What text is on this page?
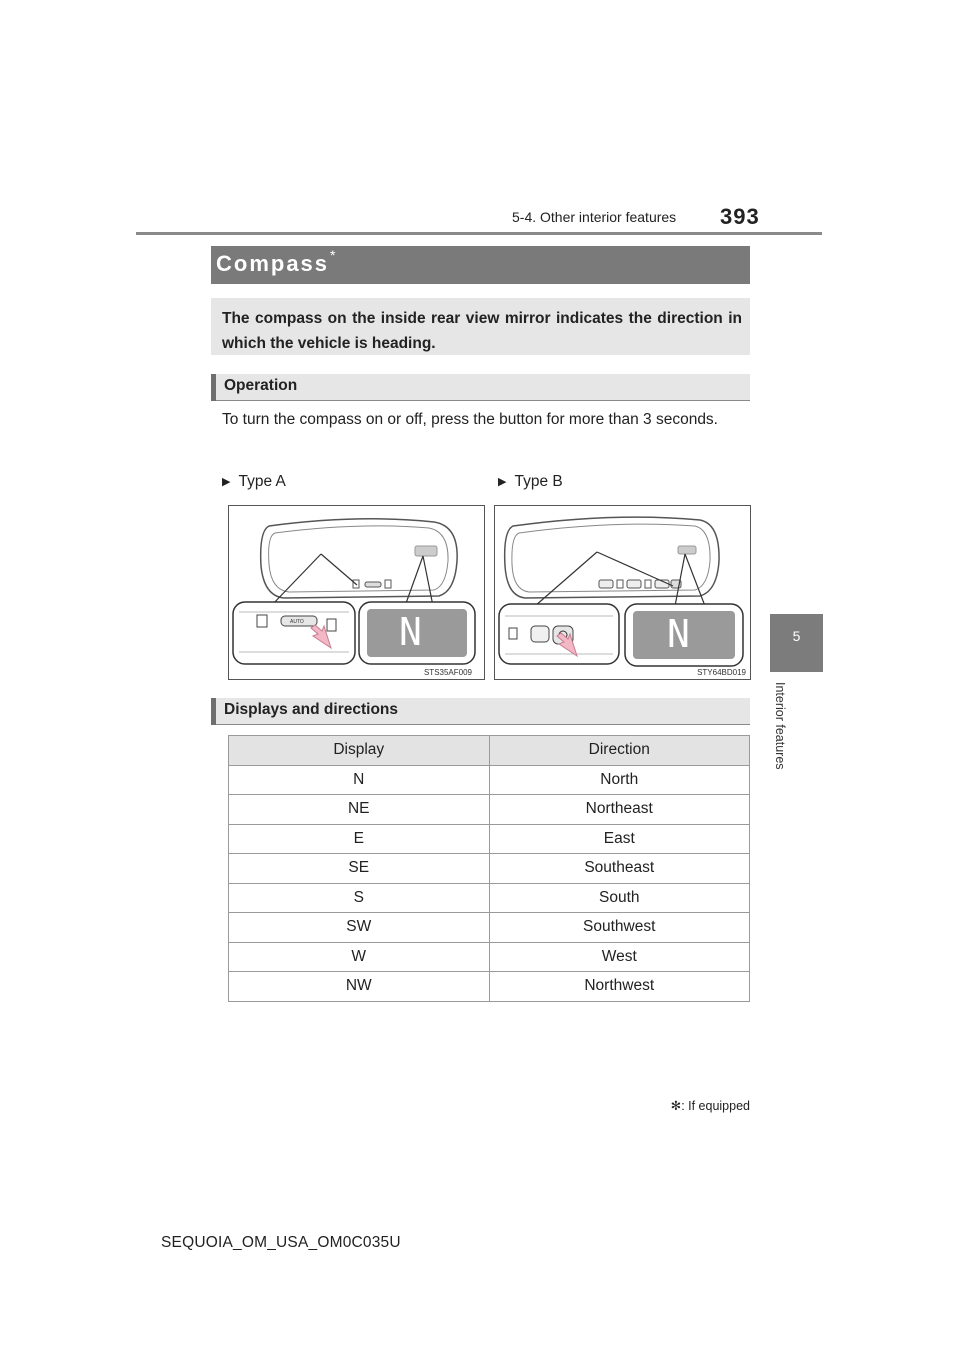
393
5-4. Other interior features
5
Interior features
Compass*
The compass on the inside rear view mirror indicates the direction in which the vehicle is heading.
Operation
To turn the compass on or off, press the button for more than 3 seconds.
▶ Type A	▶ Type B
AUTO	N
STS35AF009
N
STY64BD019
Displays and directions
Display	Direction
N	North
NE	Northeast
E	East
SE	Southeast
S	South
SW	Southwest
W	West
NW	Northwest
✻: If equipped
SEQUOIA_OM_USA_OM0C035U
